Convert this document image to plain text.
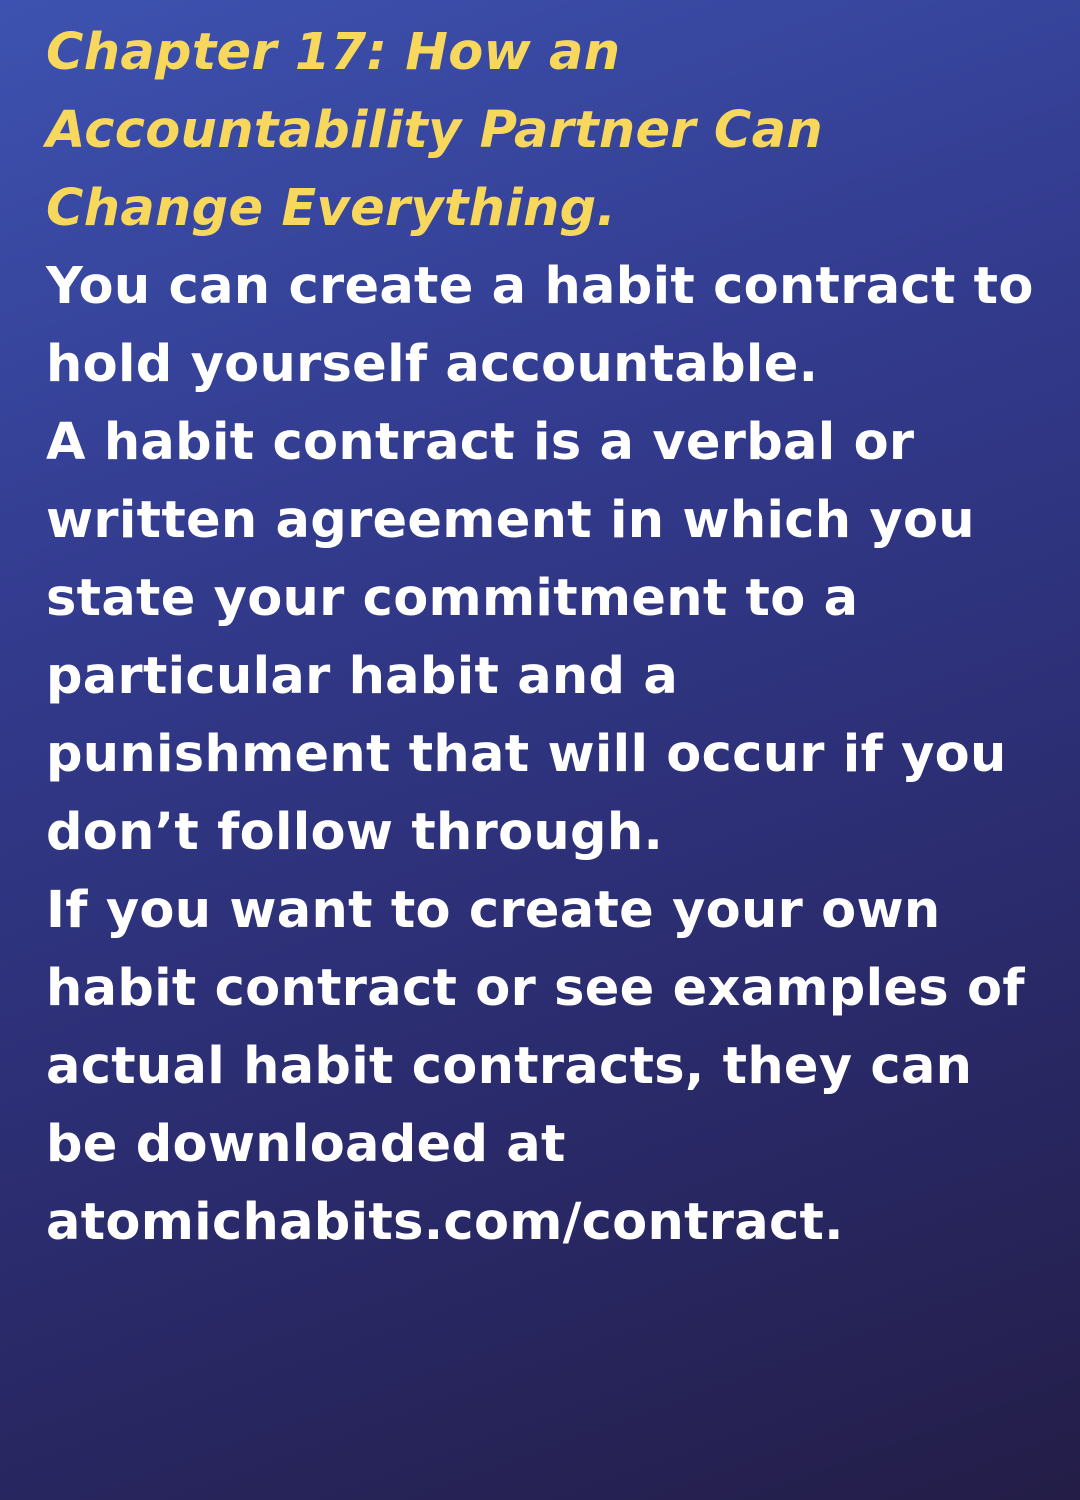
Chapter 17: How an
Accountability Partner Can
Change Everything.
You can create a habit contract to
hold yourself accountable.
A habit contract is a verbal or
written agreement in which you
state your commitment to a
particular habit and a
punishment that will occur if you
don’t follow through.
If you want to create your own
habit contract or see examples of
actual habit contracts, they can
be downloaded at
atomichabits.com/contract.
